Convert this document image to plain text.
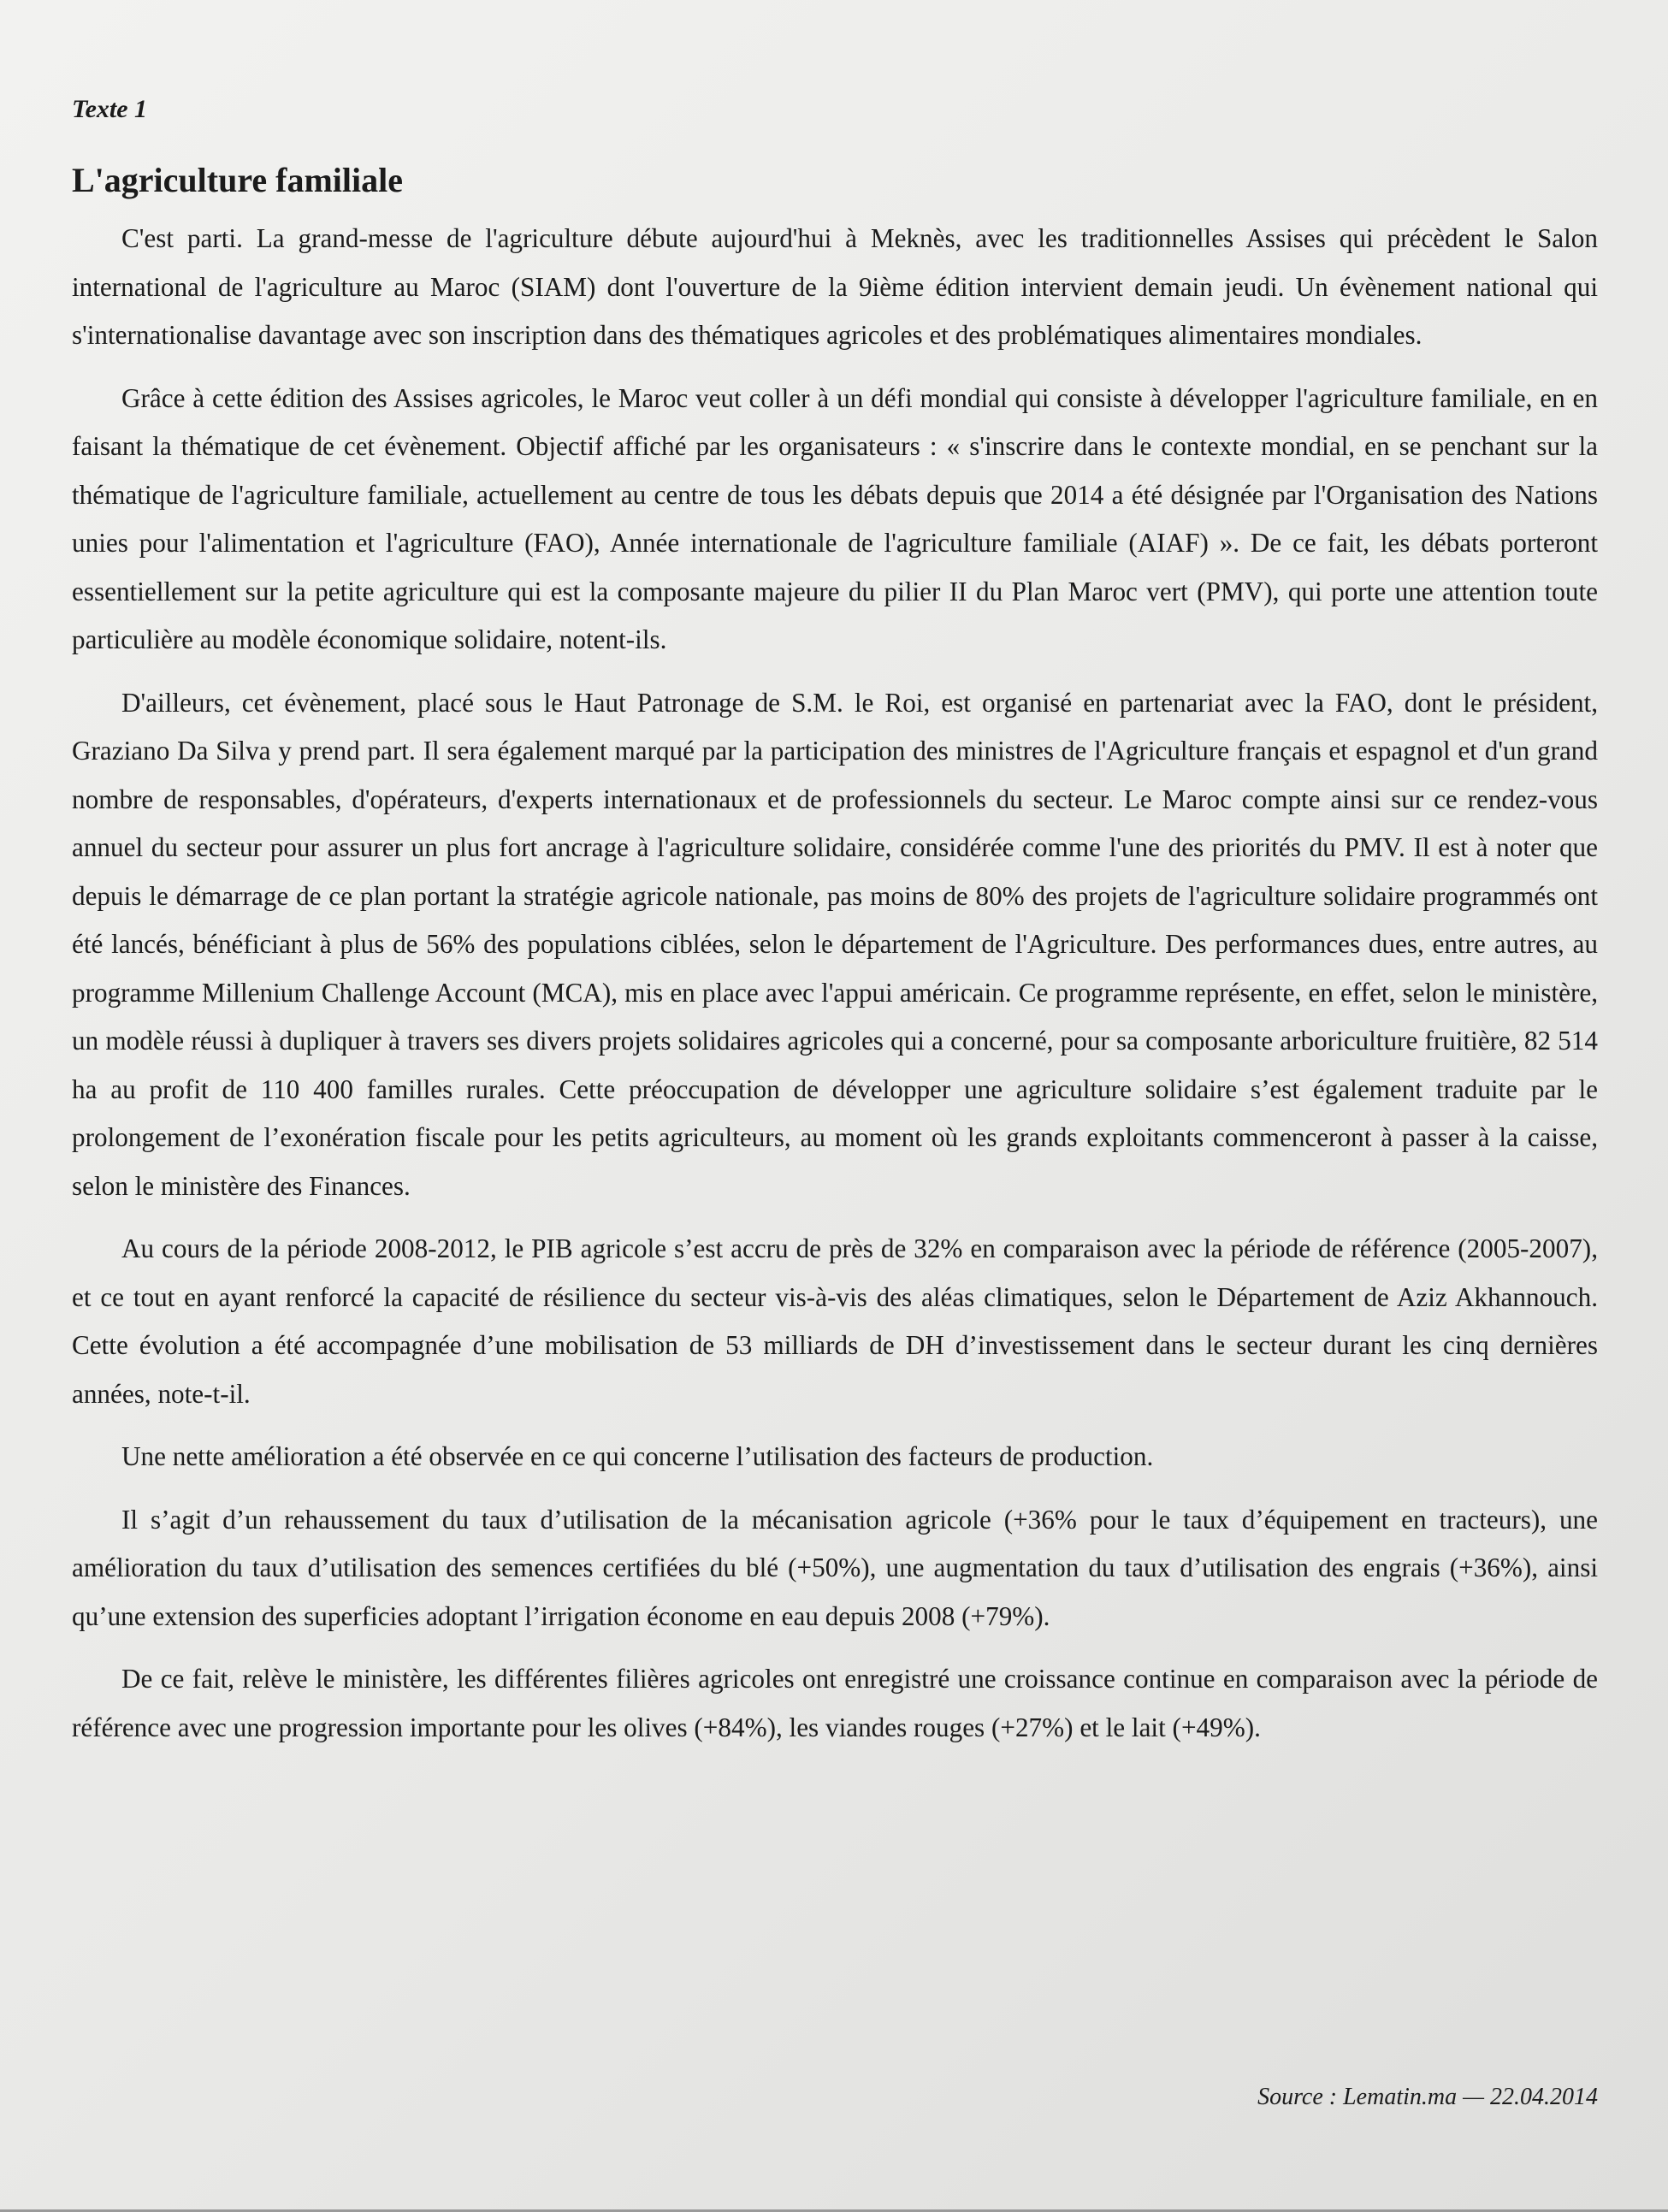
Texte 1

L'agriculture familiale

C'est parti. La grand-messe de l'agriculture débute aujourd'hui à Meknès, avec les traditionnelles Assises qui précèdent le Salon international de l'agriculture au Maroc (SIAM) dont l'ouverture de la 9ième édition intervient demain jeudi. Un évènement national qui s'internationalise davantage avec son inscription dans des thématiques agricoles et des problématiques alimentaires mondiales.

Grâce à cette édition des Assises agricoles, le Maroc veut coller à un défi mondial qui consiste à développer l'agriculture familiale, en en faisant la thématique de cet évènement. Objectif affiché par les organisateurs : « s'inscrire dans le contexte mondial, en se penchant sur la thématique de l'agriculture familiale, actuellement au centre de tous les débats depuis que 2014 a été désignée par l'Organisation des Nations unies pour l'alimentation et l'agriculture (FAO), Année internationale de l'agriculture familiale (AIAF) ». De ce fait, les débats porteront essentiellement sur la petite agriculture qui est la composante majeure du pilier II du Plan Maroc vert (PMV), qui porte une attention toute particulière au modèle économique solidaire, notent-ils.

D'ailleurs, cet évènement, placé sous le Haut Patronage de S.M. le Roi, est organisé en partenariat avec la FAO, dont le président, Graziano Da Silva y prend part. Il sera également marqué par la participation des ministres de l'Agriculture français et espagnol et d'un grand nombre de responsables, d'opérateurs, d'experts internationaux et de professionnels du secteur. Le Maroc compte ainsi sur ce rendez-vous annuel du secteur pour assurer un plus fort ancrage à l'agriculture solidaire, considérée comme l'une des priorités du PMV. Il est à noter que depuis le démarrage de ce plan portant la stratégie agricole nationale, pas moins de 80% des projets de l'agriculture solidaire programmés ont été lancés, bénéficiant à plus de 56% des populations ciblées, selon le département de l'Agriculture. Des performances dues, entre autres, au programme Millenium Challenge Account (MCA), mis en place avec l'appui américain. Ce programme représente, en effet, selon le ministère, un modèle réussi à dupliquer à travers ses divers projets solidaires agricoles qui a concerné, pour sa composante arboriculture fruitière, 82 514 ha au profit de 110 400 familles rurales. Cette préoccupation de développer une agriculture solidaire s’est également traduite par le prolongement de l’exonération fiscale pour les petits agriculteurs, au moment où les grands exploitants commenceront à passer à la caisse, selon le ministère des Finances.

Au cours de la période 2008-2012, le PIB agricole s’est accru de près de 32% en comparaison avec la période de référence (2005-2007), et ce tout en ayant renforcé la capacité de résilience du secteur vis-à-vis des aléas climatiques, selon le Département de Aziz Akhannouch. Cette évolution a été accompagnée d’une mobilisation de 53 milliards de DH d’investissement dans le secteur durant les cinq dernières années, note-t-il.

Une nette amélioration a été observée en ce qui concerne l’utilisation des facteurs de production.

Il s’agit d’un rehaussement du taux d’utilisation de la mécanisation agricole (+36% pour le taux d’équipement en tracteurs), une amélioration du taux d’utilisation des semences certifiées du blé (+50%), une augmentation du taux d’utilisation des engrais (+36%), ainsi qu’une extension des superficies adoptant l’irrigation économe en eau depuis 2008 (+79%).

De ce fait, relève le ministère, les différentes filières agricoles ont enregistré une croissance continue en comparaison avec la période de référence avec une progression importante pour les olives (+84%), les viandes rouges (+27%) et le lait (+49%).

Source : Lematin.ma — 22.04.2014
